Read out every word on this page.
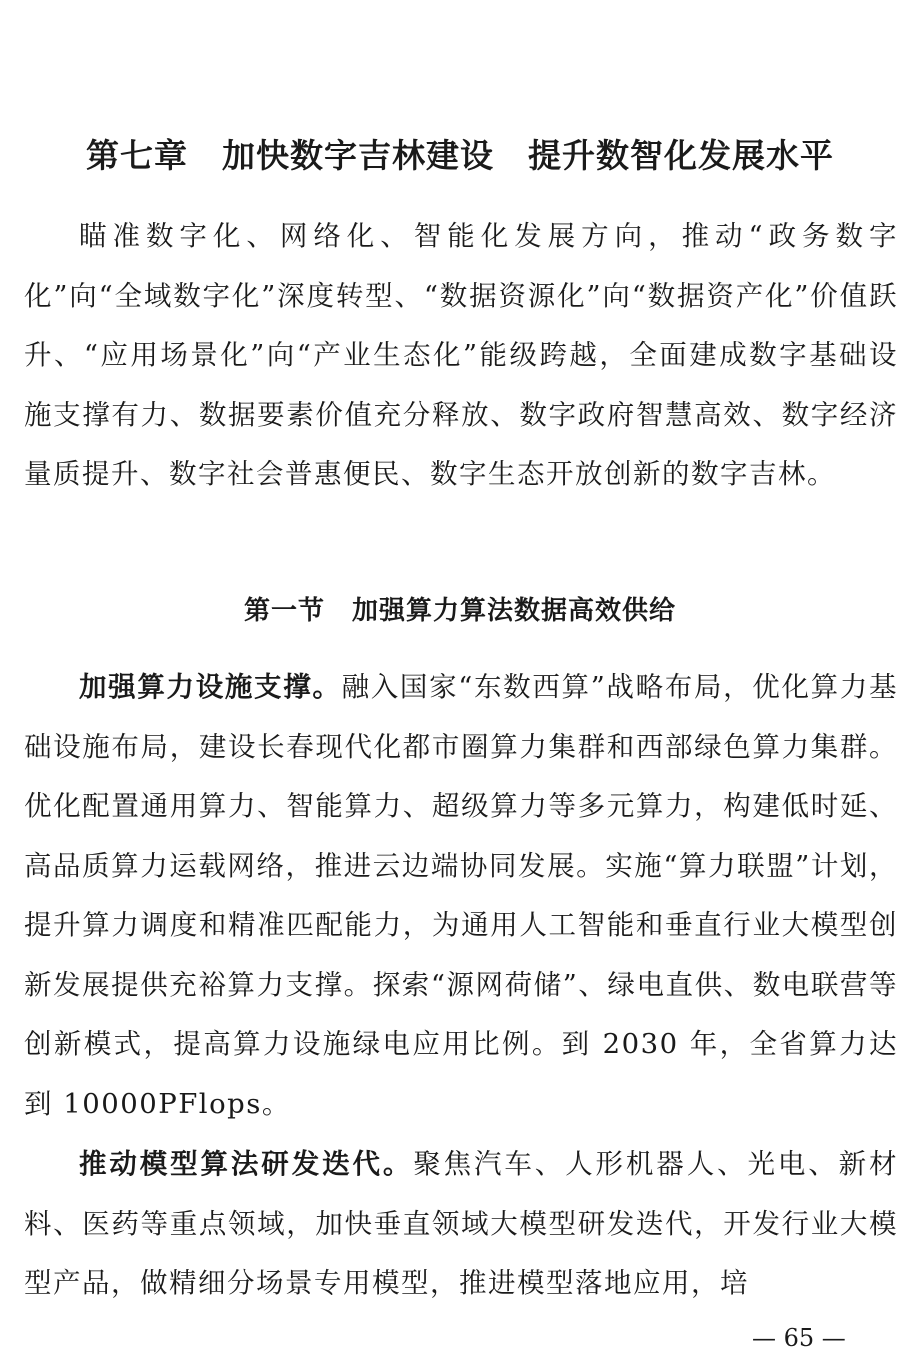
第七章　加快数字吉林建设　提升数智化发展水平

瞄准数字化、网络化、智能化发展方向，推动“政务数字化”向“全域数字化”深度转型、“数据资源化”向“数据资产化”价值跃升、“应用场景化”向“产业生态化”能级跨越，全面建成数字基础设施支撑有力、数据要素价值充分释放、数字政府智慧高效、数字经济量质提升、数字社会普惠便民、数字生态开放创新的数字吉林。

第一节　加强算力算法数据高效供给

加强算力设施支撑。融入国家“东数西算”战略布局，优化算力基础设施布局，建设长春现代化都市圈算力集群和西部绿色算力集群。优化配置通用算力、智能算力、超级算力等多元算力，构建低时延、高品质算力运载网络，推进云边端协同发展。实施“算力联盟”计划，提升算力调度和精准匹配能力，为通用人工智能和垂直行业大模型创新发展提供充裕算力支撑。探索“源网荷储”、绿电直供、数电联营等创新模式，提高算力设施绿电应用比例。到 2030 年，全省算力达到 10000PFlops。

推动模型算法研发迭代。聚焦汽车、人形机器人、光电、新材料、医药等重点领域，加快垂直领域大模型研发迭代，开发行业大模型产品，做精细分场景专用模型，推进模型落地应用，培

— 65 —
